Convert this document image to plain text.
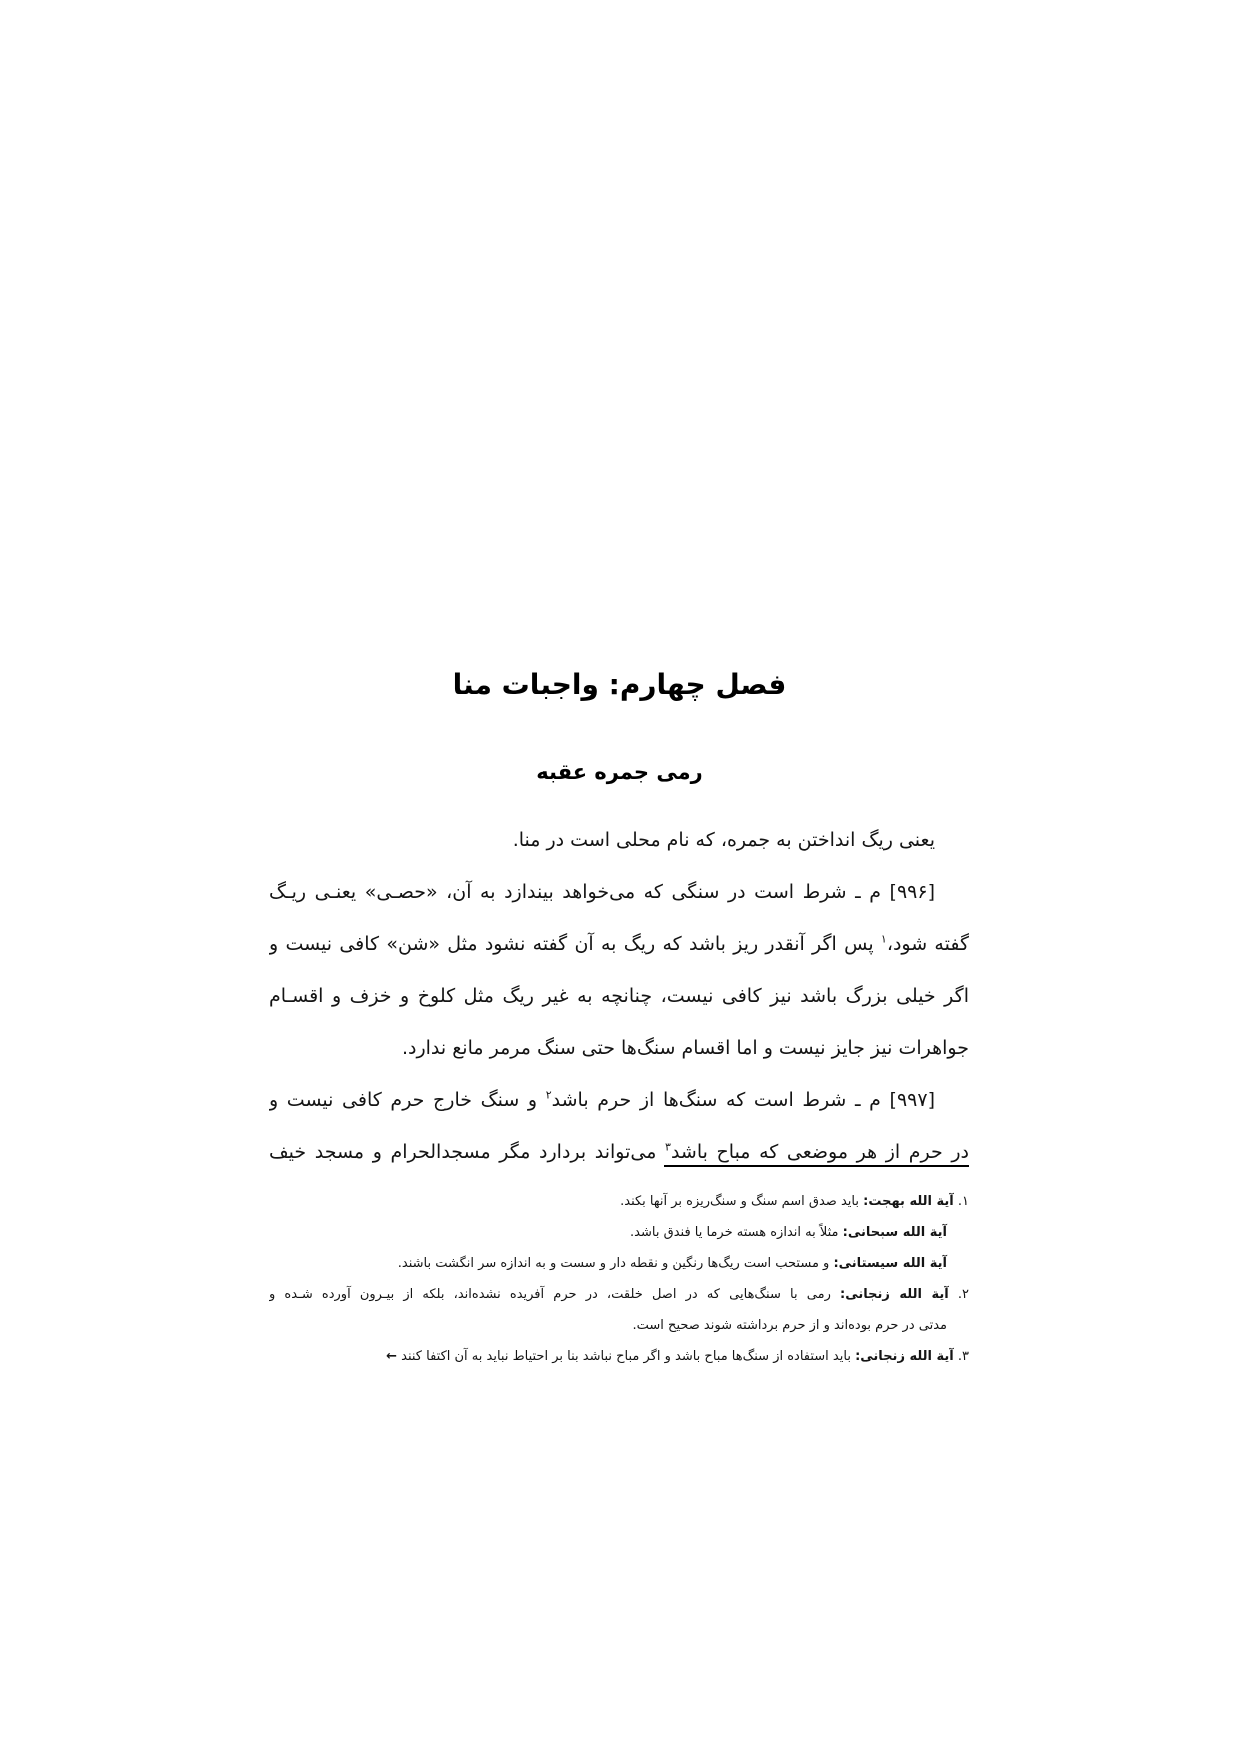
فصل چهارم: واجبات منا
رمی جمره عقبه
یعنی ریگ انداختن به جمره، که نام محلی است در منا.
[۹۹۶] م ـ شرط است در سنگی که می‌خواهد بیندازد به آن، «حصـی» یعنـی ریـگ
گفته شود،$^۱$ پس اگر آنقدر ریز باشد که ریگ به آن گفته نشود مثل «شن» کافی نیست و
اگر خیلی بزرگ باشد نیز کافی نیست، چنانچه به غیر ریگ مثل کلوخ و خزف و اقسـام
جواهرات نیز جایز نیست و اما اقسام سنگ‌ها حتی سنگ مرمر مانع ندارد.
[۹۹۷] م ـ شرط است که سنگ‌ها از حرم باشد$^۲$ و سنگ خارج حرم کافی نیست و
در حرم از هر موضعی که مباح باشد$^۳$ می‌تواند بردارد مگر مسجدالحرام و مسجد خیف
۱. آیة الله بهجت: باید صدق اسم سنگ و سنگ‌ریزه بر آنها بکند.
آیة الله سبحانی: مثلاً به اندازه هسته خرما یا فندق باشد.
آیة الله سیستانی: و مستحب است ریگ‌ها رنگین و نقطه دار و سست و به اندازه سر انگشت باشند.
۲. آیة الله زنجانی: رمی با سنگ‌هایی که در اصل خلقت، در حرم آفریده نشده‌اند، بلکه از بیـرون آورده شـده و
مدتی در حرم بوده‌اند و از حرم برداشته شوند صحیح است.
۳. آیة الله زنجانی: باید استفاده از سنگ‌ها مباح باشد و اگر مباح نباشد بنا بر احتیاط نباید به آن اکتفا کنند ←
